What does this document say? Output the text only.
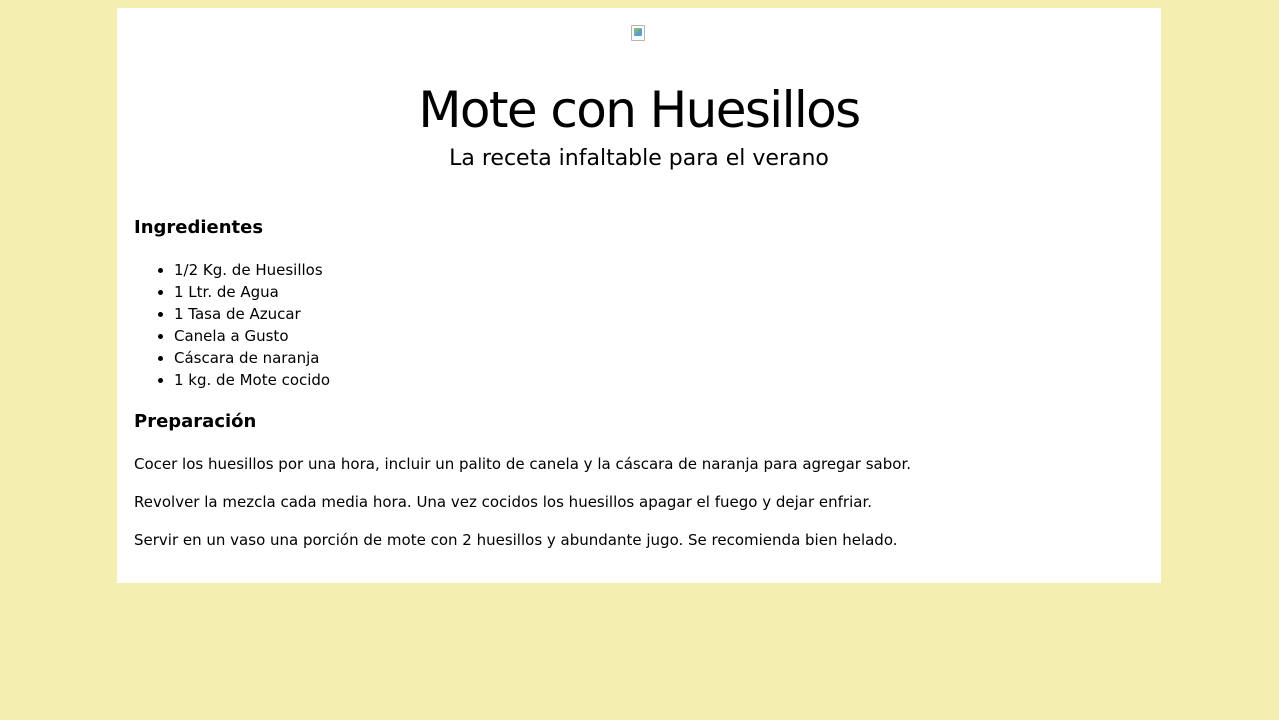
Mote con Huesillos
La receta infaltable para el verano
Ingredientes
• 1/2 Kg. de Huesillos
• 1 Ltr. de Agua
• 1 Tasa de Azucar
• Canela a Gusto
• Cáscara de naranja
• 1 kg. de Mote cocido
Preparación

Cocer los huesillos por una hora, incluir un palito de canela y la cáscara de naranja para agregar sabor.

Revolver la mezcla cada media hora. Una vez cocidos los huesillos apagar el fuego y dejar enfriar.

Servir en un vaso una porción de mote con 2 huesillos y abundante jugo. Se recomienda bien helado.
